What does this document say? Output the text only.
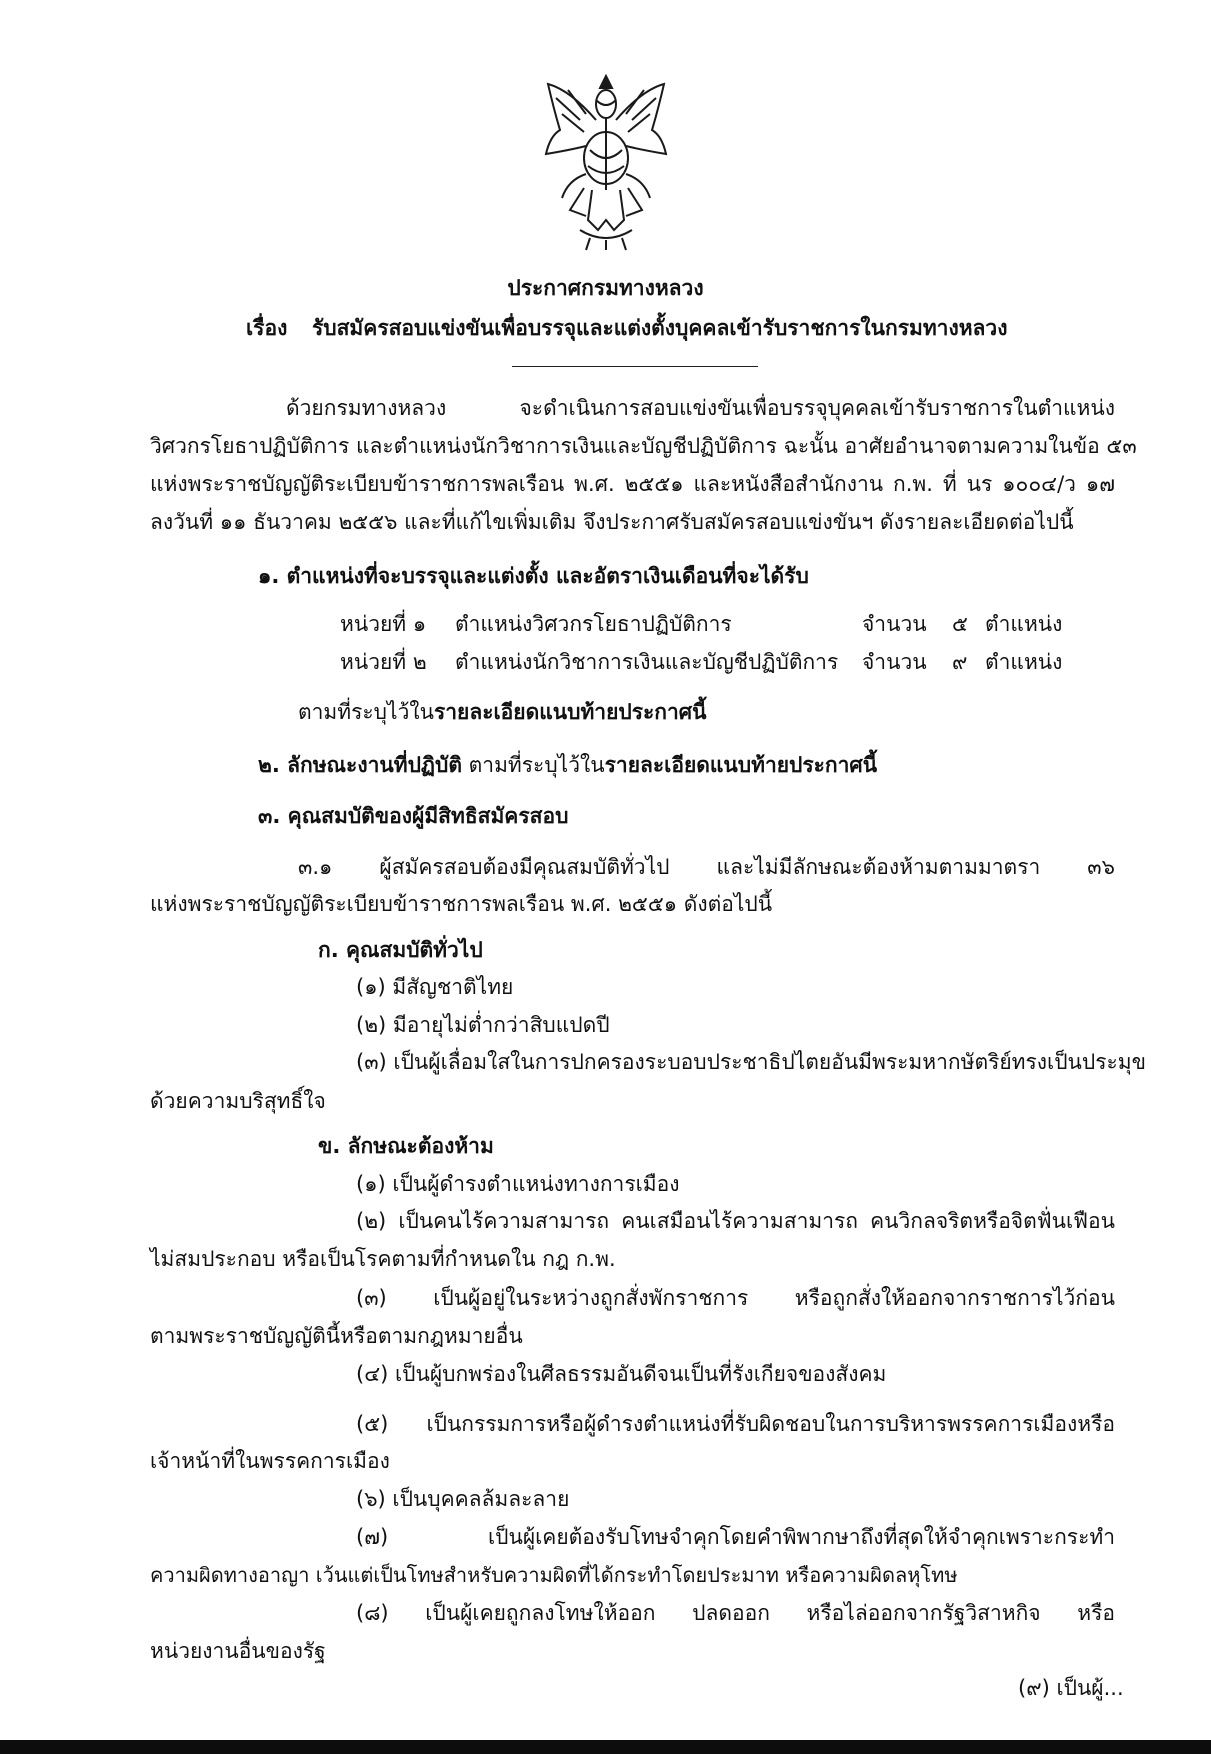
ประกาศกรมทางหลวง
เรื่อง รับสมัครสอบแข่งขันเพื่อบรรจุและแต่งตั้งบุคคลเข้ารับราชการในกรมทางหลวง
ด้วยกรมทางหลวง จะดำเนินการสอบแข่งขันเพื่อบรรจุบุคคลเข้ารับราชการในตำแหน่ง
วิศวกรโยธาปฏิบัติการ และตำแหน่งนักวิชาการเงินและบัญชีปฏิบัติการ ฉะนั้น อาศัยอำนาจตามความในข้อ ๕๓
แห่งพระราชบัญญัติระเบียบข้าราชการพลเรือน พ.ศ. ๒๕๕๑ และหนังสือสำนักงาน ก.พ. ที่ นร ๑๐๐๔/ว ๑๗
ลงวันที่ ๑๑ ธันวาคม ๒๕๕๖ และที่แก้ไขเพิ่มเติม จึงประกาศรับสมัครสอบแข่งขันฯ ดังรายละเอียดต่อไปนี้
๑. ตำแหน่งที่จะบรรจุและแต่งตั้ง และอัตราเงินเดือนที่จะได้รับ
หน่วยที่ ๑ ตำแหน่งวิศวกรโยธาปฏิบัติการ	จำนวน ๕ ตำแหน่ง
หน่วยที่ ๒ ตำแหน่งนักวิชาการเงินและบัญชีปฏิบัติการ จำนวน ๙ ตำแหน่ง
ตามที่ระบุไว้ในรายละเอียดแนบท้ายประกาศนี้
๒. ลักษณะงานที่ปฏิบัติ ตามที่ระบุไว้ในรายละเอียดแนบท้ายประกาศนี้
๓. คุณสมบัติของผู้มีสิทธิสมัครสอบ
๓.๑ ผู้สมัครสอบต้องมีคุณสมบัติทั่วไป และไม่มีลักษณะต้องห้ามตามมาตรา ๓๖
แห่งพระราชบัญญัติระเบียบข้าราชการพลเรือน พ.ศ. ๒๕๕๑ ดังต่อไปนี้
ก. คุณสมบัติทั่วไป
(๑) มีสัญชาติไทย
(๒) มีอายุไม่ต่ำกว่าสิบแปดปี
(๓) เป็นผู้เลื่อมใสในการปกครองระบอบประชาธิปไตยอันมีพระมหากษัตริย์ทรงเป็นประมุข
ด้วยความบริสุทธิ์ใจ
ข. ลักษณะต้องห้าม
(๑) เป็นผู้ดำรงตำแหน่งทางการเมือง
(๒) เป็นคนไร้ความสามารถ คนเสมือนไร้ความสามารถ คนวิกลจริตหรือจิตฟั่นเฟือน
ไม่สมประกอบ หรือเป็นโรคตามที่กำหนดใน กฎ ก.พ.
(๓) เป็นผู้อยู่ในระหว่างถูกสั่งพักราชการ หรือถูกสั่งให้ออกจากราชการไว้ก่อน
ตามพระราชบัญญัตินี้หรือตามกฎหมายอื่น
(๔) เป็นผู้บกพร่องในศีลธรรมอันดีจนเป็นที่รังเกียจของสังคม
(๕) เป็นกรรมการหรือผู้ดำรงตำแหน่งที่รับผิดชอบในการบริหารพรรคการเมืองหรือ
เจ้าหน้าที่ในพรรคการเมือง
(๖) เป็นบุคคลล้มละลาย
(๗) เป็นผู้เคยต้องรับโทษจำคุกโดยคำพิพากษาถึงที่สุดให้จำคุกเพราะกระทำ
ความผิดทางอาญา เว้นแต่เป็นโทษสำหรับความผิดที่ได้กระทำโดยประมาท หรือความผิดลหุโทษ
(๘) เป็นผู้เคยถูกลงโทษให้ออก ปลดออก หรือไล่ออกจากรัฐวิสาหกิจ หรือ
หน่วยงานอื่นของรัฐ
(๙) เป็นผู้...
